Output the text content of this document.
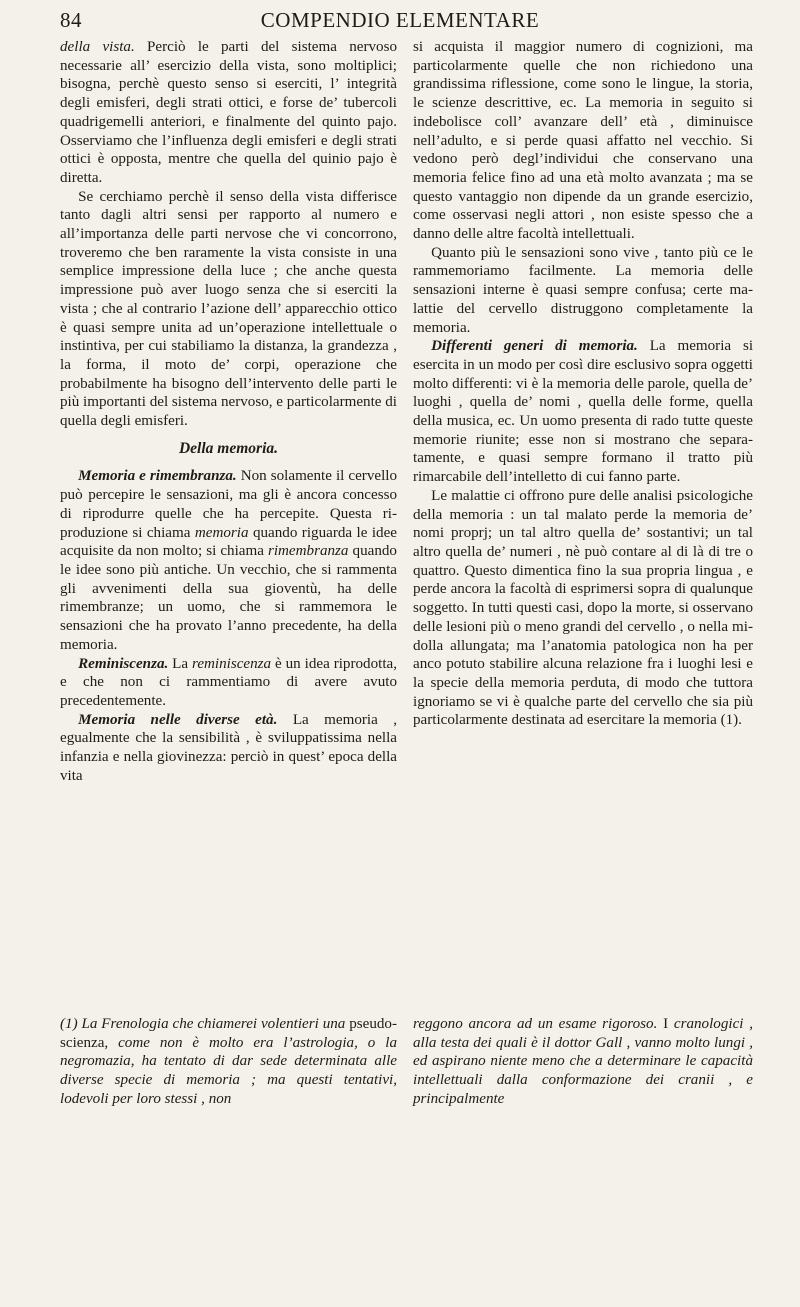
84	COMPENDIO ELEMENTARE

della vista. Perciò le parti del sistema nervoso necessarie all’ esercizio della vista, sono moltiplici; bisogna, perchè questo senso si eserciti, l’ integrità degli emisferi, degli strati ottici, e forse de’ tubercoli quadrigemelli anteriori, e finalmente del quinto pajo. Osserviamo che l’influenza degli emisferi e degli strati ottici è opposta, mentre che quella del quinio pajo è diretta.

Se cerchiamo perchè il senso della vista differisce tanto dagli altri sensi per rapporto al numero e all’importanza delle parti nervose che vi concorrono, troveremo che ben raramente la vista consiste in una semplice impressione della luce ; che anche questa impressione può aver luogo senza che si eserciti la vista ; che al contrario l’azione dell’ apparecchio ottico è quasi sempre unita ad un’operazione intellettuale o instintiva, per cui stabiliamo la distanza, la grandezza , la forma, il moto de’ corpi, operazione che probabilmente ha bisogno dell’intervento delle parti le più importanti del sistema nervoso, e particolarmente di quella degli emisferi.

Della memoria.

Memoria e rimembranza. Non solamente il cervello può percepire le sensazioni, ma gli è ancora concesso di riprodurre quelle che ha percepite. Questa riproduzione si chiama memoria quando riguarda le idee acquisite da non molto; si chiama rimembranza quando le idee sono più antiche. Un vecchio, che si rammenta gli avvenimenti della sua gioventù, ha delle rimembranze; un uomo, che si rammemora le sensazioni che ha provato l’anno precedente, ha della memoria.

Reminiscenza. La reminiscenza è un idea riprodotta, e che non ci rammentiamo di avere avuto precedentemente.

Memoria nelle diverse età. La memoria , egualmente che la sensibilità , è sviluppatissima nella infanzia e nella giovinezza: perciò in quest’ epoca della vita

si acquista il maggior numero di cognizioni, ma particolarmente quelle che non richiedono una grandissima riflessione, come sono le lingue, la storia, le scienze descrittive, ec. La memoria in seguito si indebolisce coll’ avanzare dell’ età , diminuisce nell’adulto, e si perde quasi affatto nel vecchio. Si vedono però degl’individui che conservano una memoria felice fino ad una età molto avanzata ; ma se questo vantaggio non dipende da un grande esercizio, come osservasi negli attori , non esiste spesso che a danno delle altre facoltà intellettuali.

Quanto più le sensazioni sono vive , tanto più ce le rammemoriamo facilmente. La memoria delle sensazioni interne è quasi sempre confusa; certe malattie del cervello distruggono completamente la memoria.

Differenti generi di memoria. La memoria si esercita in un modo per così dire esclusivo sopra oggetti molto differenti: vi è la memoria delle parole, quella de’ luoghi , quella de’ nomi , quella delle forme, quella della musica, ec. Un uomo presenta di rado tutte queste memorie riunite; esse non si mostrano che separatamente, e quasi sempre formano il tratto più rimarcabile dell’intelletto di cui fanno parte.

Le malattie ci offrono pure delle analisi psicologiche della memoria : un tal malato perde la memoria de’ nomi proprj; un tal altro quella de’ sostantivi; un tal altro quella de’ numeri , nè può contare al di là di tre o quattro. Questo dimentica fino la sua propria lingua , e perde ancora la facoltà di esprimersi sopra di qualunque soggetto. In tutti questi casi, dopo la morte, si osservano delle lesioni più o meno grandi del cervello , o nella midolla allungata; ma l’anatomia patologica non ha per anco potuto stabilire alcuna relazione fra i luoghi lesi e la specie della memoria perduta, di modo che tuttora ignoriamo se vi è qualche parte del cervello che sia più particolarmente destinata ad esercitare la memoria (1).

(1) La Frenologia che chiamerei volentieri una pseudo-scienza, come non è molto era l’astrologia, o la negromazia, ha tentato di dar sede determinata alle diverse specie di memoria ; ma questi tentativi, lodevoli per loro stessi , non

reggono ancora ad un esame rigoroso. I cranologici , alla testa dei quali è il dottor Gall , vanno molto lungi , ed aspirano niente meno che a determinare le capacità intellettuali dalla conformazione dei cranii , e principalmente
